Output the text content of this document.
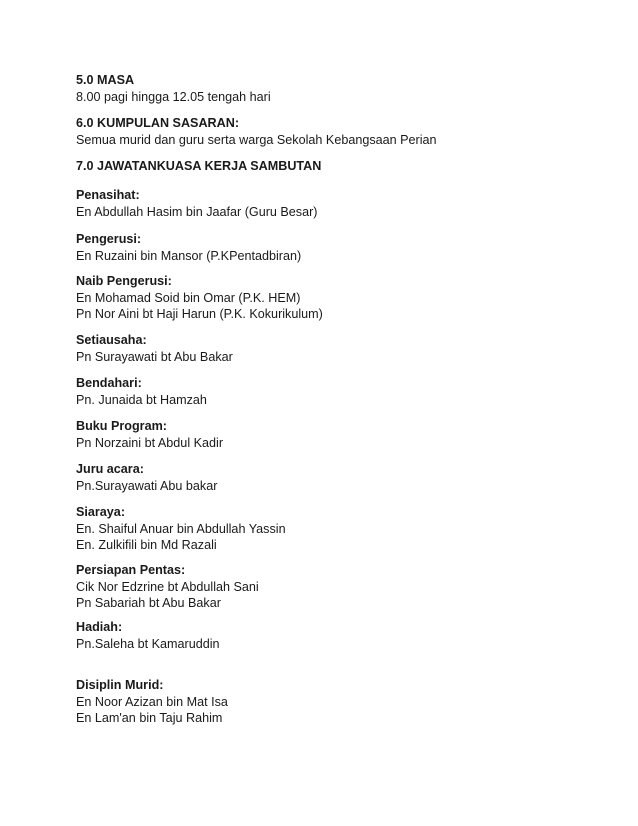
5.0 MASA
8.00 pagi hingga 12.05 tengah hari
6.0 KUMPULAN SASARAN:
Semua murid dan guru serta warga Sekolah Kebangsaan Perian
7.0 JAWATANKUASA KERJA SAMBUTAN
Penasihat:
En Abdullah Hasim bin Jaafar (Guru Besar)
Pengerusi:
En Ruzaini bin Mansor (P.KPentadbiran)
Naib Pengerusi:
En Mohamad Soid bin Omar (P.K. HEM)
Pn Nor Aini bt Haji Harun (P.K. Kokurikulum)
Setiausaha:
Pn Surayawati bt Abu Bakar
Bendahari:
Pn. Junaida bt Hamzah
Buku Program:
Pn Norzaini bt Abdul Kadir
Juru acara:
Pn.Surayawati Abu bakar
Siaraya:
En. Shaiful Anuar bin Abdullah Yassin
En. Zulkifili bin Md Razali
Persiapan Pentas:
Cik Nor Edzrine bt Abdullah Sani
Pn Sabariah bt Abu Bakar
Hadiah:
Pn.Saleha bt Kamaruddin
Disiplin Murid:
En Noor Azizan bin Mat Isa
En Lam'an bin Taju Rahim
